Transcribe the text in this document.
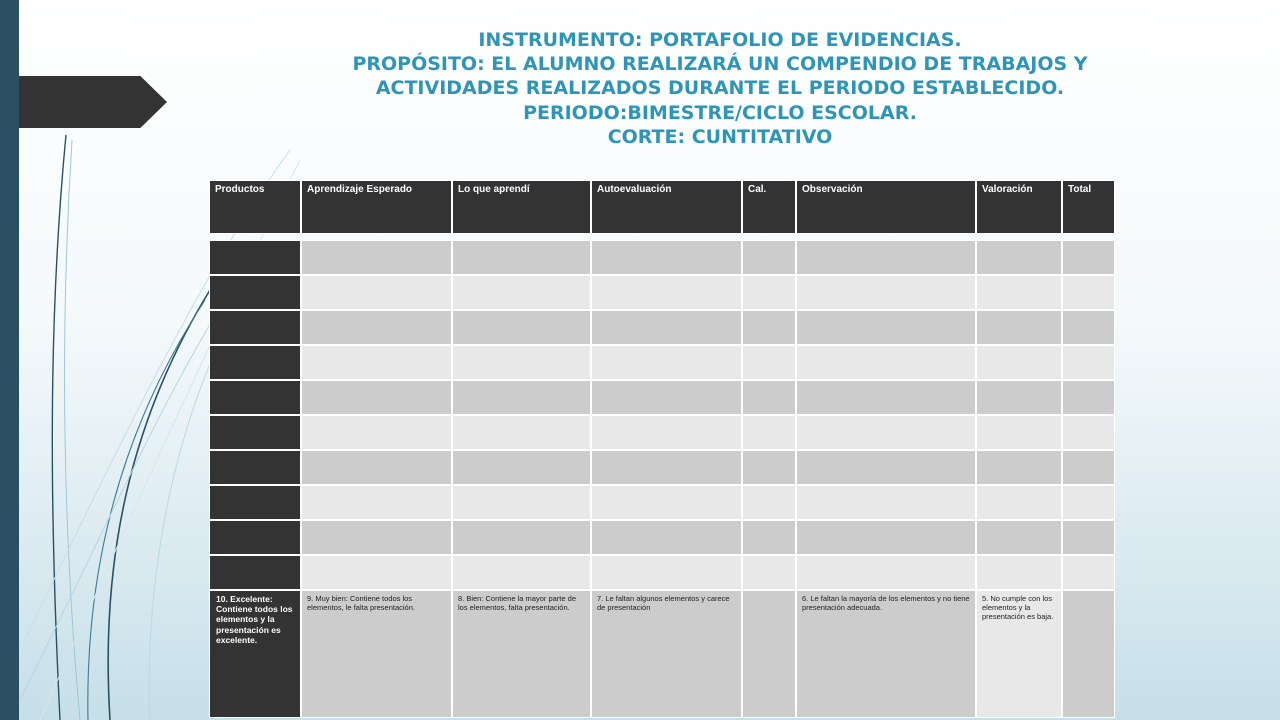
INSTRUMENTO: PORTAFOLIO DE EVIDENCIAS.
PROPÓSITO: EL ALUMNO REALIZARÁ UN COMPENDIO DE TRABAJOS Y
ACTIVIDADES REALIZADOS DURANTE EL PERIODO ESTABLECIDO.
PERIODO:BIMESTRE/CICLO ESCOLAR.
CORTE: CUNTITATIVO
Productos	Aprendizaje Esperado	Lo que aprendí	Autoevaluación	Cal.	Observación	Valoración	Total

10. Excelente: Contiene todos los elementos y la presentación es excelente.	9. Muy bien: Contiene todos los elementos, le falta presentación.	8. Bien: Contiene la mayor parte de los elementos, falta presentación.	7. Le faltan algunos elementos y carece de presentación		6. Le faltan la mayoría de los elementos y no tiene presentación adecuada.	5. No cumple con los elementos y la presentación es baja.	
